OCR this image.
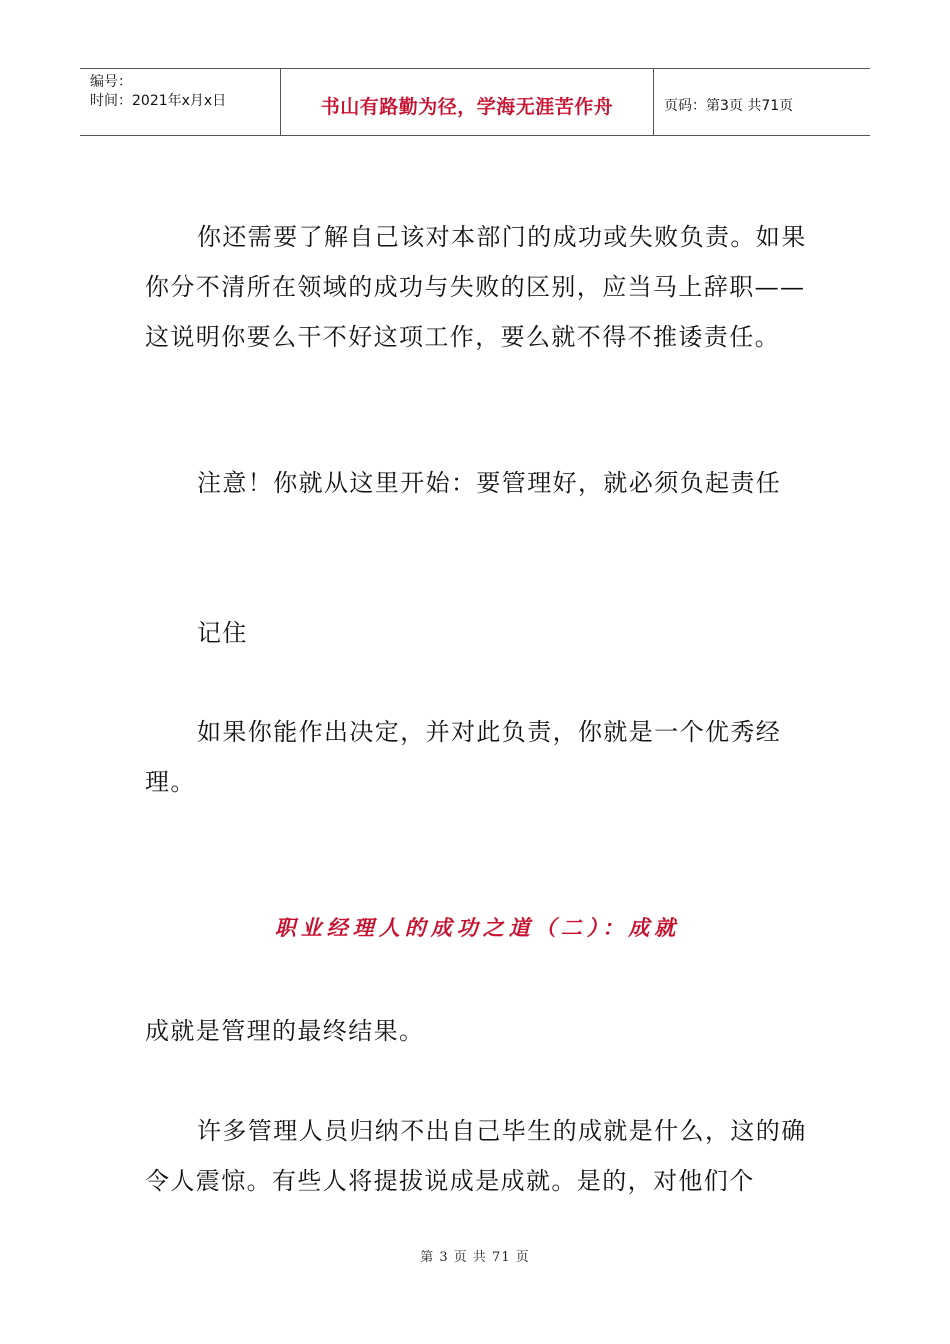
编号：
时间：2021年x月x日	书山有路勤为径，学海无涯苦作舟	页码：第3页 共71页

你还需要了解自己该对本部门的成功或失败负责。如果你分不清所在领域的成功与失败的区别，应当马上辞职——这说明你要么干不好这项工作，要么就不得不推诿责任。

注意！你就从这里开始：要管理好，就必须负起责任

记住

如果你能作出决定，并对此负责，你就是一个优秀经理。

职业经理人的成功之道（二）：成就

成就是管理的最终结果。

许多管理人员归纳不出自己毕生的成就是什么，这的确令人震惊。有些人将提拔说成是成就。是的，对他们个

第 3 页 共 71 页
